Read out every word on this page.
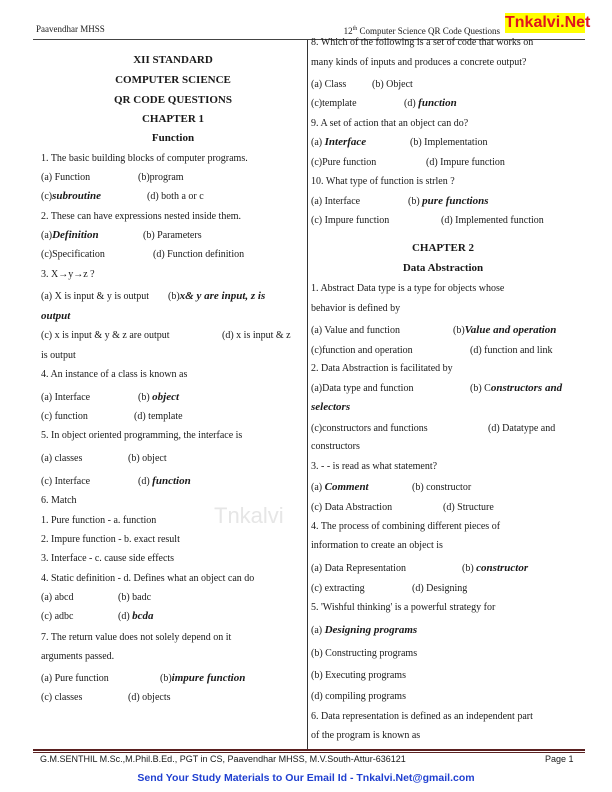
Tnkalvi
Paavendhar MHSS	12th Computer Science QR Code Questions Tnkalvi.Net
XII STANDARD
COMPUTER SCIENCE
QR CODE QUESTIONS
CHAPTER 1
Function
1. The basic building blocks of computer programs.
(a) Function	(b)program
(c)subroutine	(d) both a or c
2. These can have expressions nested inside them.
(a)Definition	(b) Parameters
(c)Specification	(d) Function definition
3. X→y→z ?
(a) X is input & y is output (b)x& y are input, z is
output
(c) x is input & y & z are output	(d) x is input & z
is output
4. An instance of a class is known as
(a) Interface	(b) object
(c) function	(d) template
5. In object oriented programming, the interface is
(a) classes	(b) object
(c) Interface	(d) function
6. Match
1. Pure function - a. function
2. Impure function - b. exact result
3. Interface - c. cause side effects
4. Static definition - d. Defines what an object can do
(a) abcd	(b) badc
(c) adbc	(d) bcda
7. The return value does not solely depend on it
arguments passed.
(a) Pure function	(b)impure function
(c) classes	(d) objects
8. Which of the following is a set of code that works on
many kinds of inputs and produces a concrete output?
(a) Class	(b) Object
(c)template	(d) function
9. A set of action that an object can do?
(a) Interface	(b) Implementation
(c)Pure function	(d) Impure function
10. What type of function is strlen ?
(a) Interface	(b) pure functions
(c) Impure function	(d) Implemented function
CHAPTER 2
Data Abstraction
1. Abstract Data type is a type for objects whose
behavior is defined by
(a) Value and function	(b)Value and operation
(c)function and operation	(d) function and link
2. Data Abstraction is facilitated by
(a)Data type and function	(b) Constructors and
selectors
(c)constructors and functions	(d) Datatype and
constructors
3. - - is read as what statement?
(a) Comment	(b) constructor
(c) Data Abstraction	(d) Structure
4. The process of combining different pieces of
information to create an object is
(a) Data Representation	(b) constructor
(c) extracting	(d) Designing
5. 'Wishful thinking' is a powerful strategy for
(a) Designing programs
(b) Constructing programs
(b) Executing programs
(d) compiling programs
6. Data representation is defined as an independent part
of the program is known as
G.M.SENTHIL M.Sc.,M.Phil.B.Ed., PGT in CS, Paavendhar MHSS, M.V.South-Attur-636121	Page 1
Send Your Study Materials to Our Email Id - Tnkalvi.Net@gmail.com
